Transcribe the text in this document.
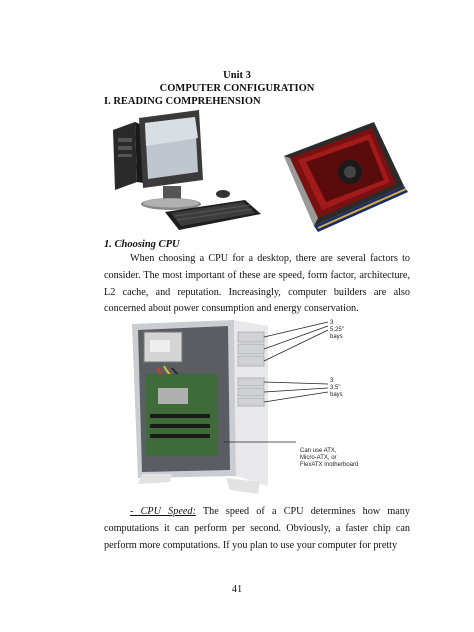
Unit 3
COMPUTER CONFIGURATION
I. READING COMPREHENSION
1. Choosing CPU

When choosing a CPU for a desktop, there are several factors to consider. The most important of these are speed, form factor, architecture, L2 cache, and reputation. Increasingly, computer builders are also concerned about power consumption and energy conservation.

3
5.25"
bays
3
3.5"
bays
Can use ATX,
Micro-ATX, or
FlexATX motherboard

- CPU Speed: The speed of a CPU determines how many computations it can perform per second. Obviously, a faster chip can perform more computations. If you plan to use your computer for pretty

41
